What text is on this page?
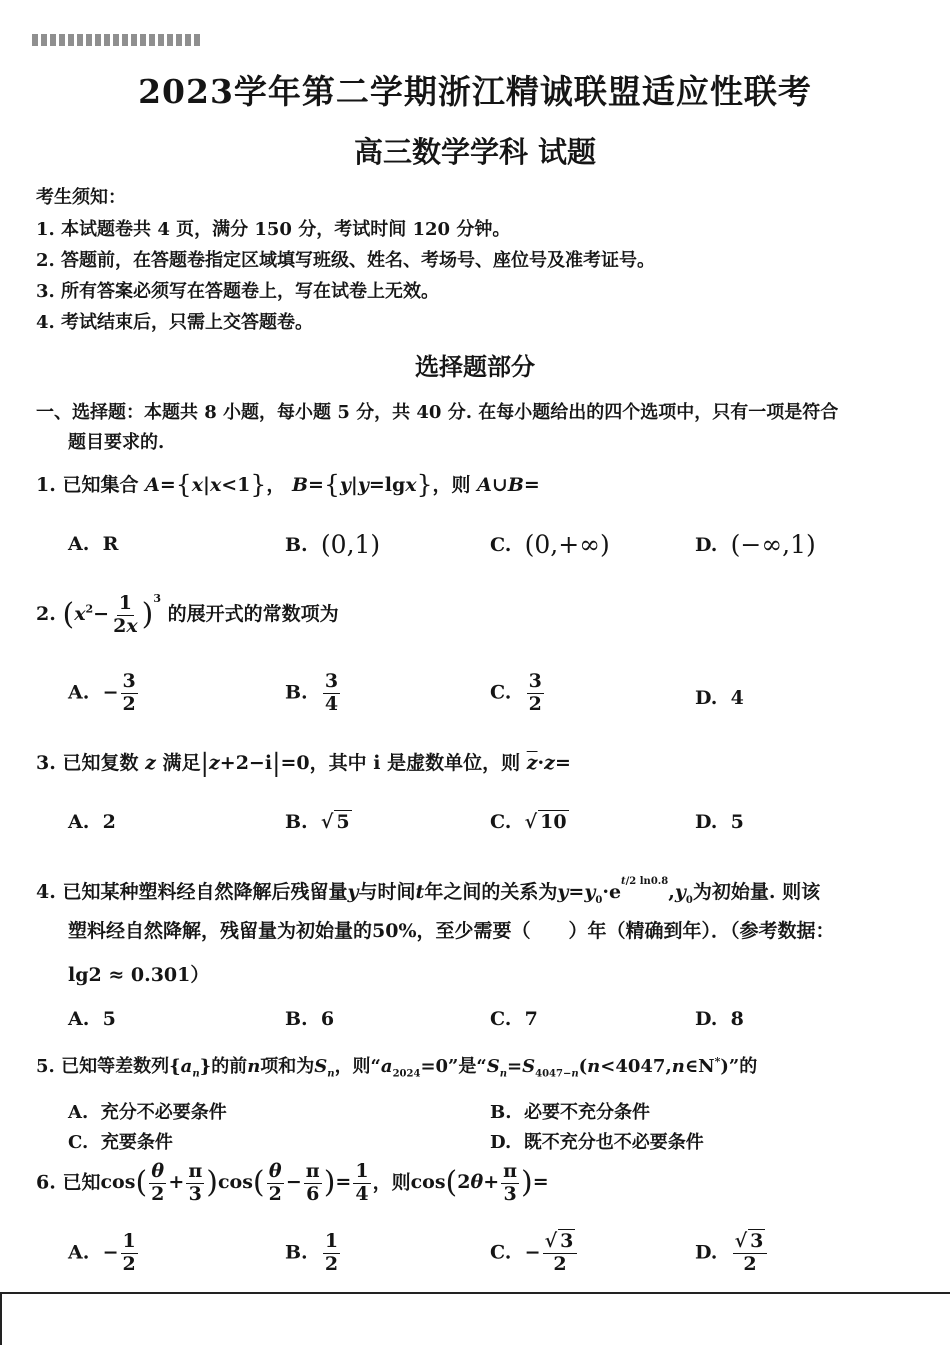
2023学年第二学期浙江精诚联盟适应性联考
高三数学学科 试题
考生须知：
1. 本试题卷共 4 页，满分 150 分，考试时间 120 分钟。
2. 答题前，在答题卷指定区域填写班级、姓名、考场号、座位号及准考证号。
3. 所有答案必须写在答题卷上，写在试卷上无效。
4. 考试结束后，只需上交答题卷。
选择题部分
一、选择题：本题共 8 小题，每小题 5 分，共 40 分. 在每小题给出的四个选项中，只有一项是符合
题目要求的.
1. 已知集合 A={x|x<1}， B={y|y=lgx}，则 A∪B=
A. R	B. (0,1)	C. (0,+∞)	D. (−∞,1)
2. $(x^2- \frac{1}{2x} )^3$ 的展开式的常数项为
A.  − $\frac{3}{2}$	B. $\frac{3}{4}$	C. $\frac{3}{2}$	D. 4
3. 已知复数 z 满足|z+2−i|=0，其中 i 是虚数单位，则 $\overline{z}\cdot z=$
A. 2	B.  √ 5	C.  √ 10	D. 5
4. 已知某种塑料经自然降解后残留量y与时间t年之间的关系为$y=y_0\cdot e^{t/2 ln0.8},y_0$为初始量. 则该
塑料经自然降解，残留量为初始量的50%，至少需要（　　）年（精确到年）．（参考数据：
lg2 ≈ 0.301）
A. 5	B. 6	C. 7	D. 8
5. 已知等差数列$\{a_n\}$的前n项和为$S_n$，则“$a_{2024}=0$”是“$S_n=S_{4047-n}(n<4047,n\in N^*)$”的
A. 充分不必要条件	B. 必要不充分条件
C. 充要条件	D. 既不充分也不必要条件
6. 已知$\cos( \frac{\theta}{2} + \frac{\pi}{3} )\cos( \frac{\theta}{2} - \frac{\pi}{6}$ )= $\frac{1}{4}$ ，则$\cos(2\theta+ \frac{\pi}{3}$ )=
A. − $\frac{1}{2}$	B. $\frac{1}{2}$	C. − $\frac{√ 3}{2}$	D. $\frac{√ 3}{2}$
